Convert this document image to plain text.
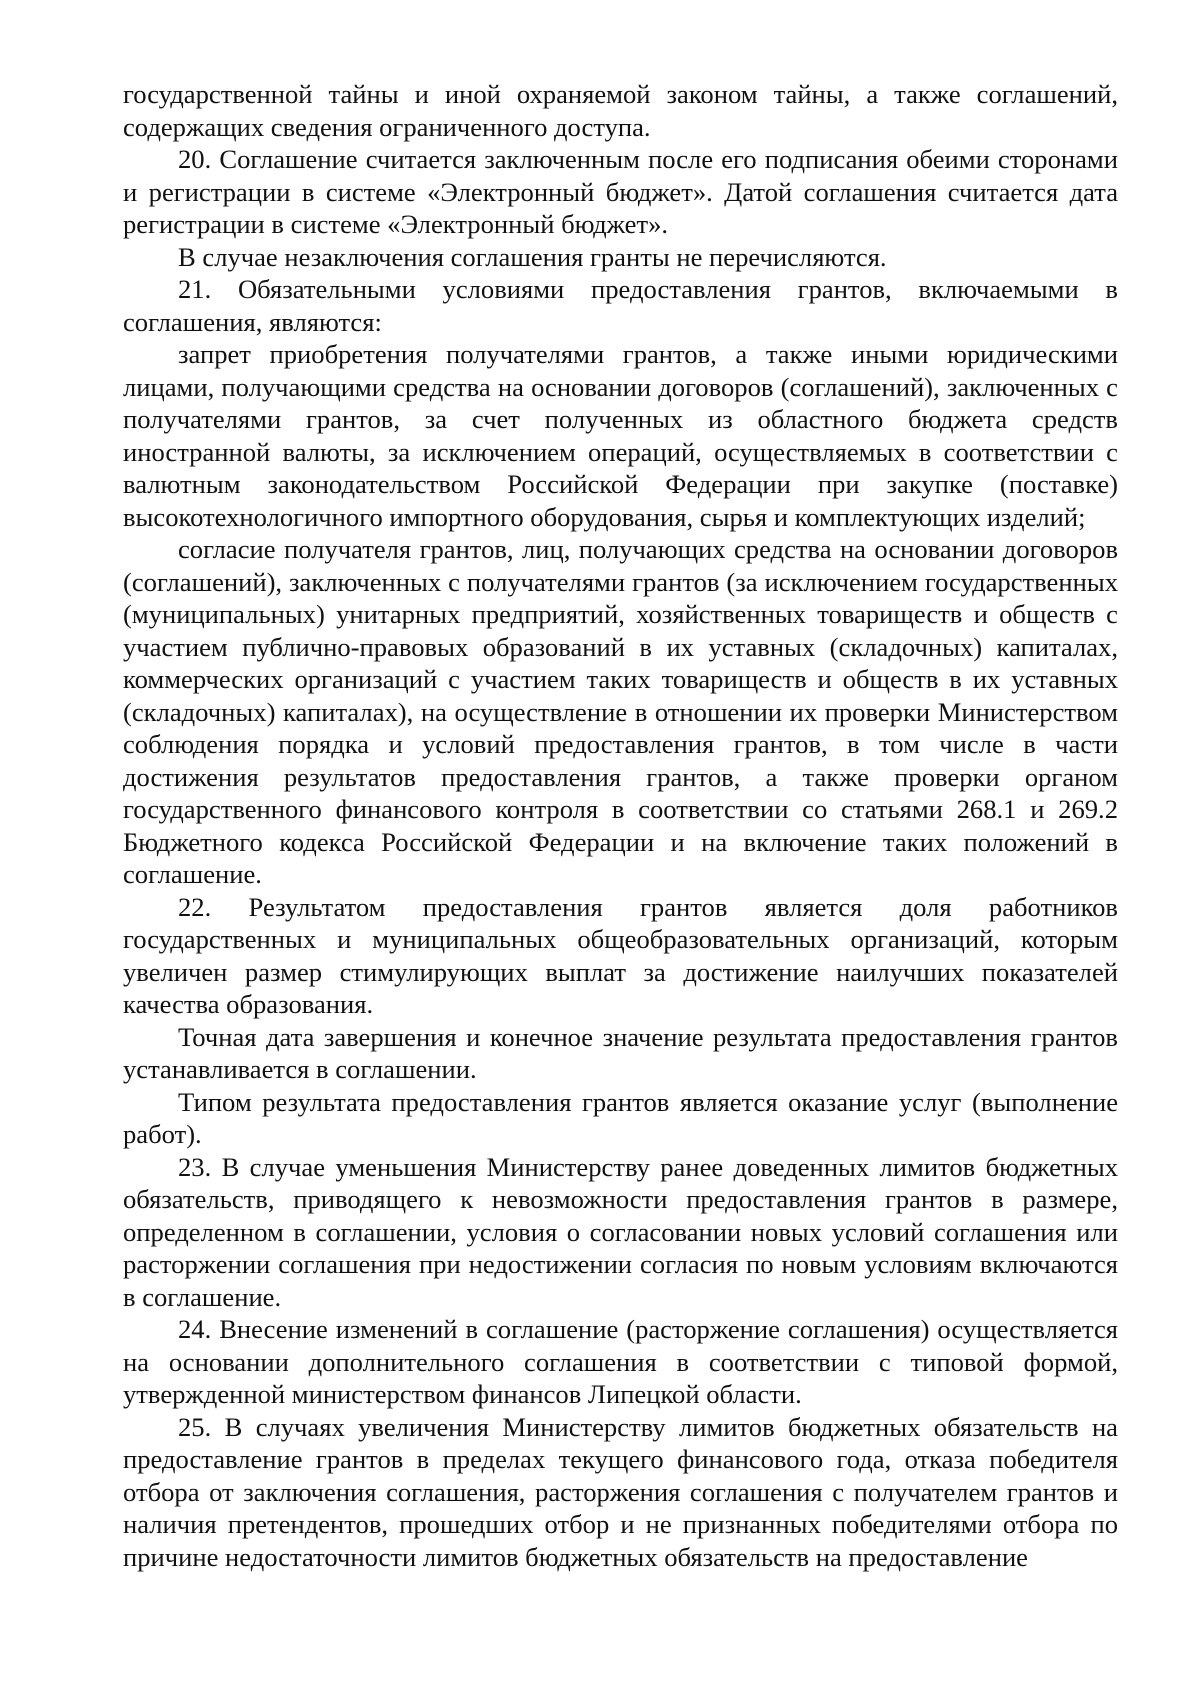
государственной тайны и иной охраняемой законом тайны, а также соглашений, содержащих сведения ограниченного доступа.

20. Соглашение считается заключенным после его подписания обеими сторонами и регистрации в системе «Электронный бюджет». Датой соглашения считается дата регистрации в системе «Электронный бюджет».

В случае незаключения соглашения гранты не перечисляются.

21. Обязательными условиями предоставления грантов, включаемыми в соглашения, являются:

запрет приобретения получателями грантов, а также иными юридическими лицами, получающими средства на основании договоров (соглашений), заключенных с получателями грантов, за счет полученных из областного бюджета средств иностранной валюты, за исключением операций, осуществляемых в соответствии с валютным законодательством Российской Федерации при закупке (поставке) высокотехнологичного импортного оборудования, сырья и комплектующих изделий;

согласие получателя грантов, лиц, получающих средства на основании договоров (соглашений), заключенных с получателями грантов (за исключением государственных (муниципальных) унитарных предприятий, хозяйственных товариществ и обществ с участием публично-правовых образований в их уставных (складочных) капиталах, коммерческих организаций с участием таких товариществ и обществ в их уставных (складочных) капиталах), на осуществление в отношении их проверки Министерством соблюдения порядка и условий предоставления грантов, в том числе в части достижения результатов предоставления грантов, а также проверки органом государственного финансового контроля в соответствии со статьями 268.1 и 269.2 Бюджетного кодекса Российской Федерации и на включение таких положений в соглашение.

22. Результатом предоставления грантов является доля работников государственных и муниципальных общеобразовательных организаций, которым увеличен размер стимулирующих выплат за достижение наилучших показателей качества образования.

Точная дата завершения и конечное значение результата предоставления грантов устанавливается в соглашении.

Типом результата предоставления грантов является оказание услуг (выполнение работ).

23. В случае уменьшения Министерству ранее доведенных лимитов бюджетных обязательств, приводящего к невозможности предоставления грантов в размере, определенном в соглашении, условия о согласовании новых условий соглашения или расторжении соглашения при недостижении согласия по новым условиям включаются в соглашение.

24. Внесение изменений в соглашение (расторжение соглашения) осуществляется на основании дополнительного соглашения в соответствии с типовой формой, утвержденной министерством финансов Липецкой области.

25. В случаях увеличения Министерству лимитов бюджетных обязательств на предоставление грантов в пределах текущего финансового года, отказа победителя отбора от заключения соглашения, расторжения соглашения с получателем грантов и наличия претендентов, прошедших отбор и не признанных победителями отбора по причине недостаточности лимитов бюджетных обязательств на предоставление
